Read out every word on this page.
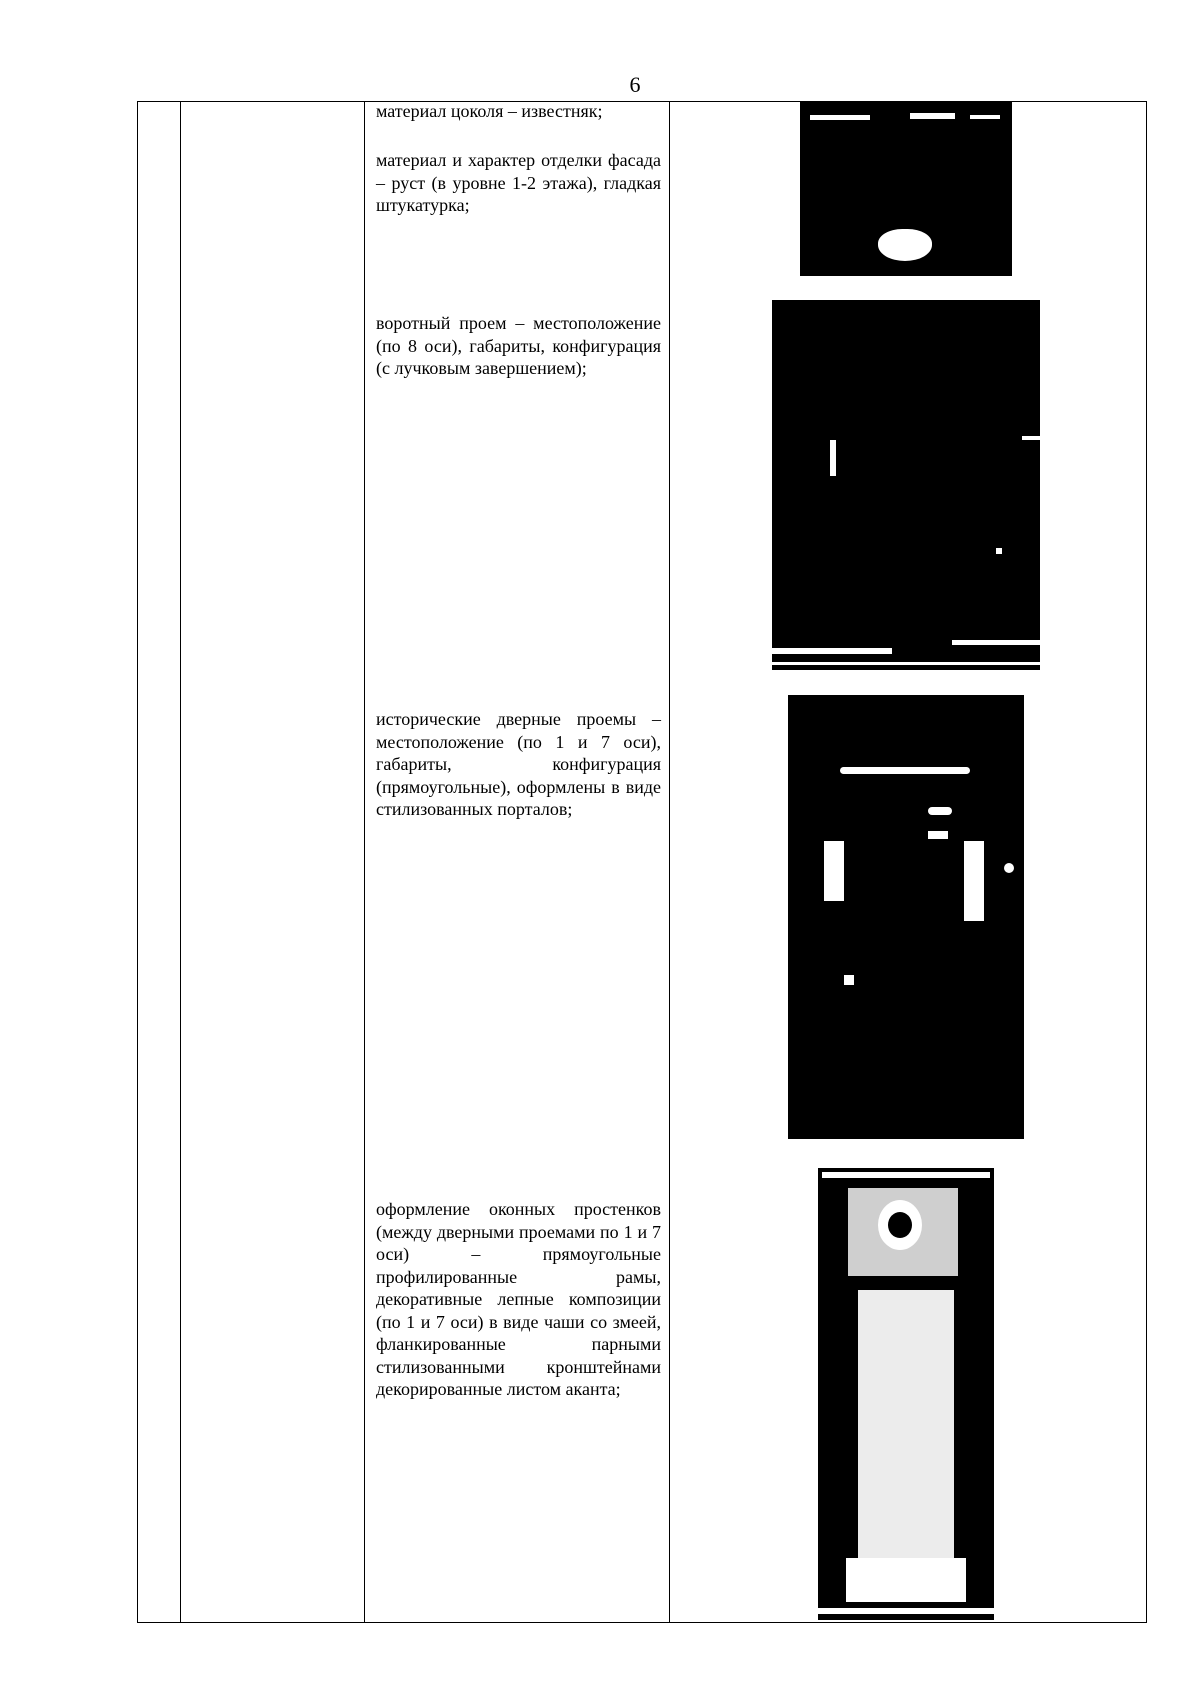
6
материал цоколя – известняк;
материал и характер отделки фасада – руст (в уровне 1-2 этажа), гладкая штукатурка;
воротный проем – местоположение (по 8 оси), габариты, конфигурация (с лучковым завершением);
исторические дверные проемы – местоположение (по 1 и 7 оси), габариты, конфигурация (прямоугольные), оформлены в виде стилизованных порталов;
оформление оконных простенков (между дверными проемами по 1 и 7 оси) – прямоугольные профилированные рамы, декоративные лепные композиции (по 1 и 7 оси) в виде чаши со змеей, фланкированные парными стилизованными кронштейнами декорированные листом аканта;
